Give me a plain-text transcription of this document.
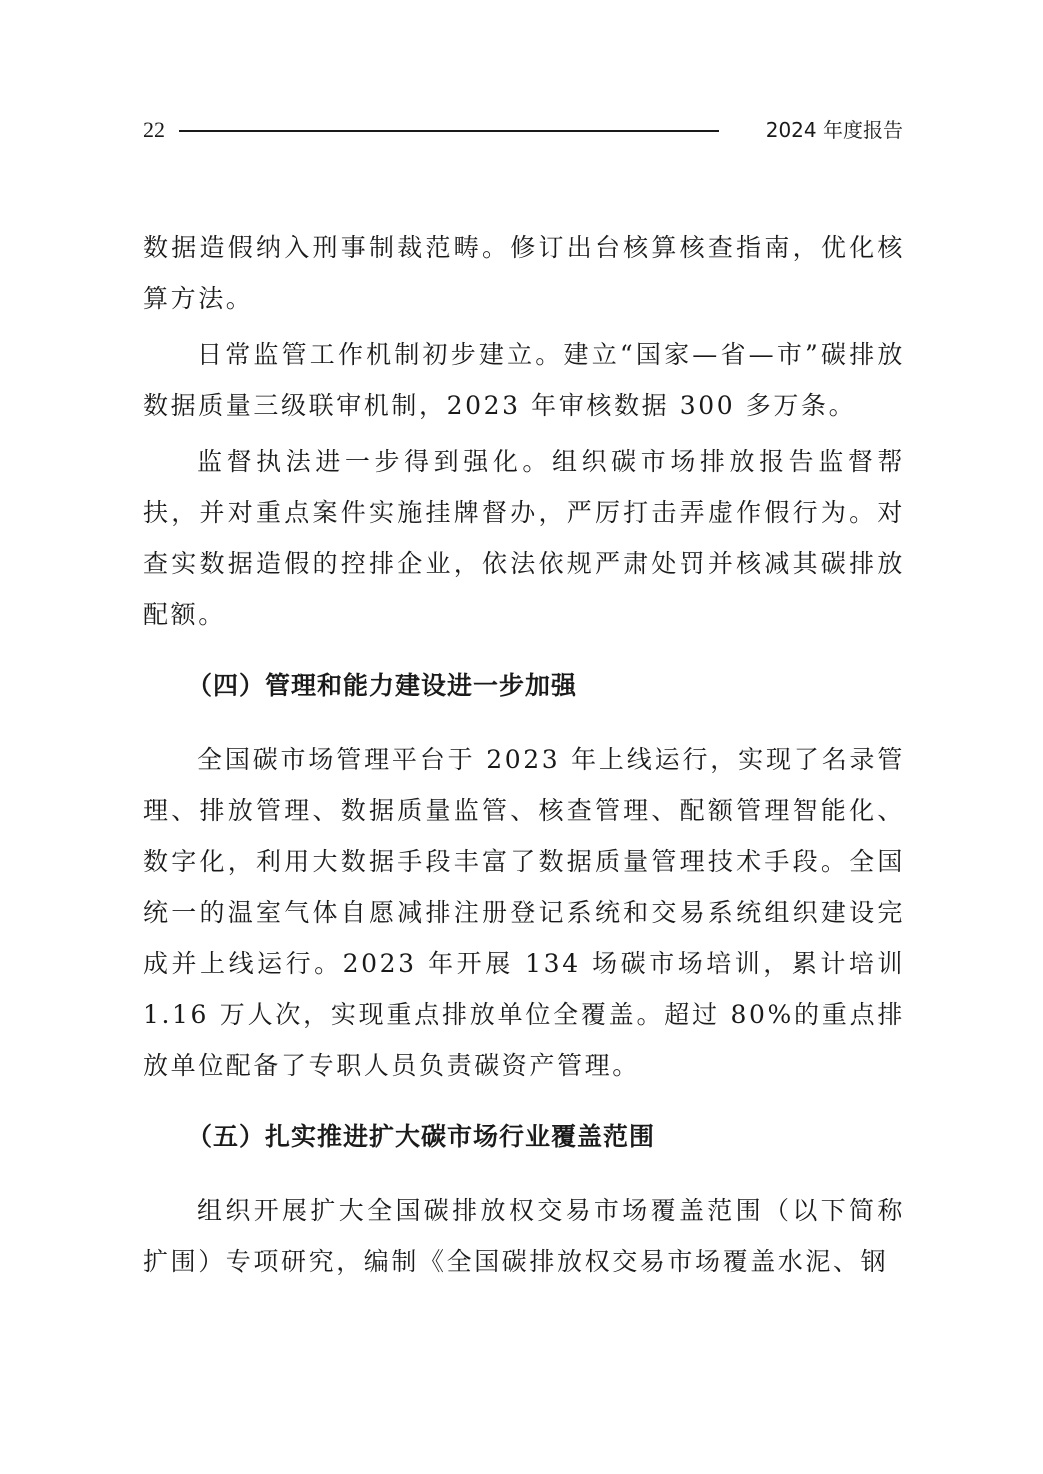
22	2024 年度报告

数据造假纳入刑事制裁范畴。修订出台核算核查指南，优化核算方法。

日常监管工作机制初步建立。建立“国家—省—市”碳排放数据质量三级联审机制，2023 年审核数据 300 多万条。

监督执法进一步得到强化。组织碳市场排放报告监督帮扶，并对重点案件实施挂牌督办，严厉打击弄虚作假行为。对查实数据造假的控排企业，依法依规严肃处罚并核减其碳排放配额。

（四）管理和能力建设进一步加强

全国碳市场管理平台于 2023 年上线运行，实现了名录管理、排放管理、数据质量监管、核查管理、配额管理智能化、数字化，利用大数据手段丰富了数据质量管理技术手段。全国统一的温室气体自愿减排注册登记系统和交易系统组织建设完成并上线运行。2023 年开展 134 场碳市场培训，累计培训 1.16 万人次，实现重点排放单位全覆盖。超过 80%的重点排放单位配备了专职人员负责碳资产管理。

（五）扎实推进扩大碳市场行业覆盖范围

组织开展扩大全国碳排放权交易市场覆盖范围（以下简称扩围）专项研究，编制《全国碳排放权交易市场覆盖水泥、钢
